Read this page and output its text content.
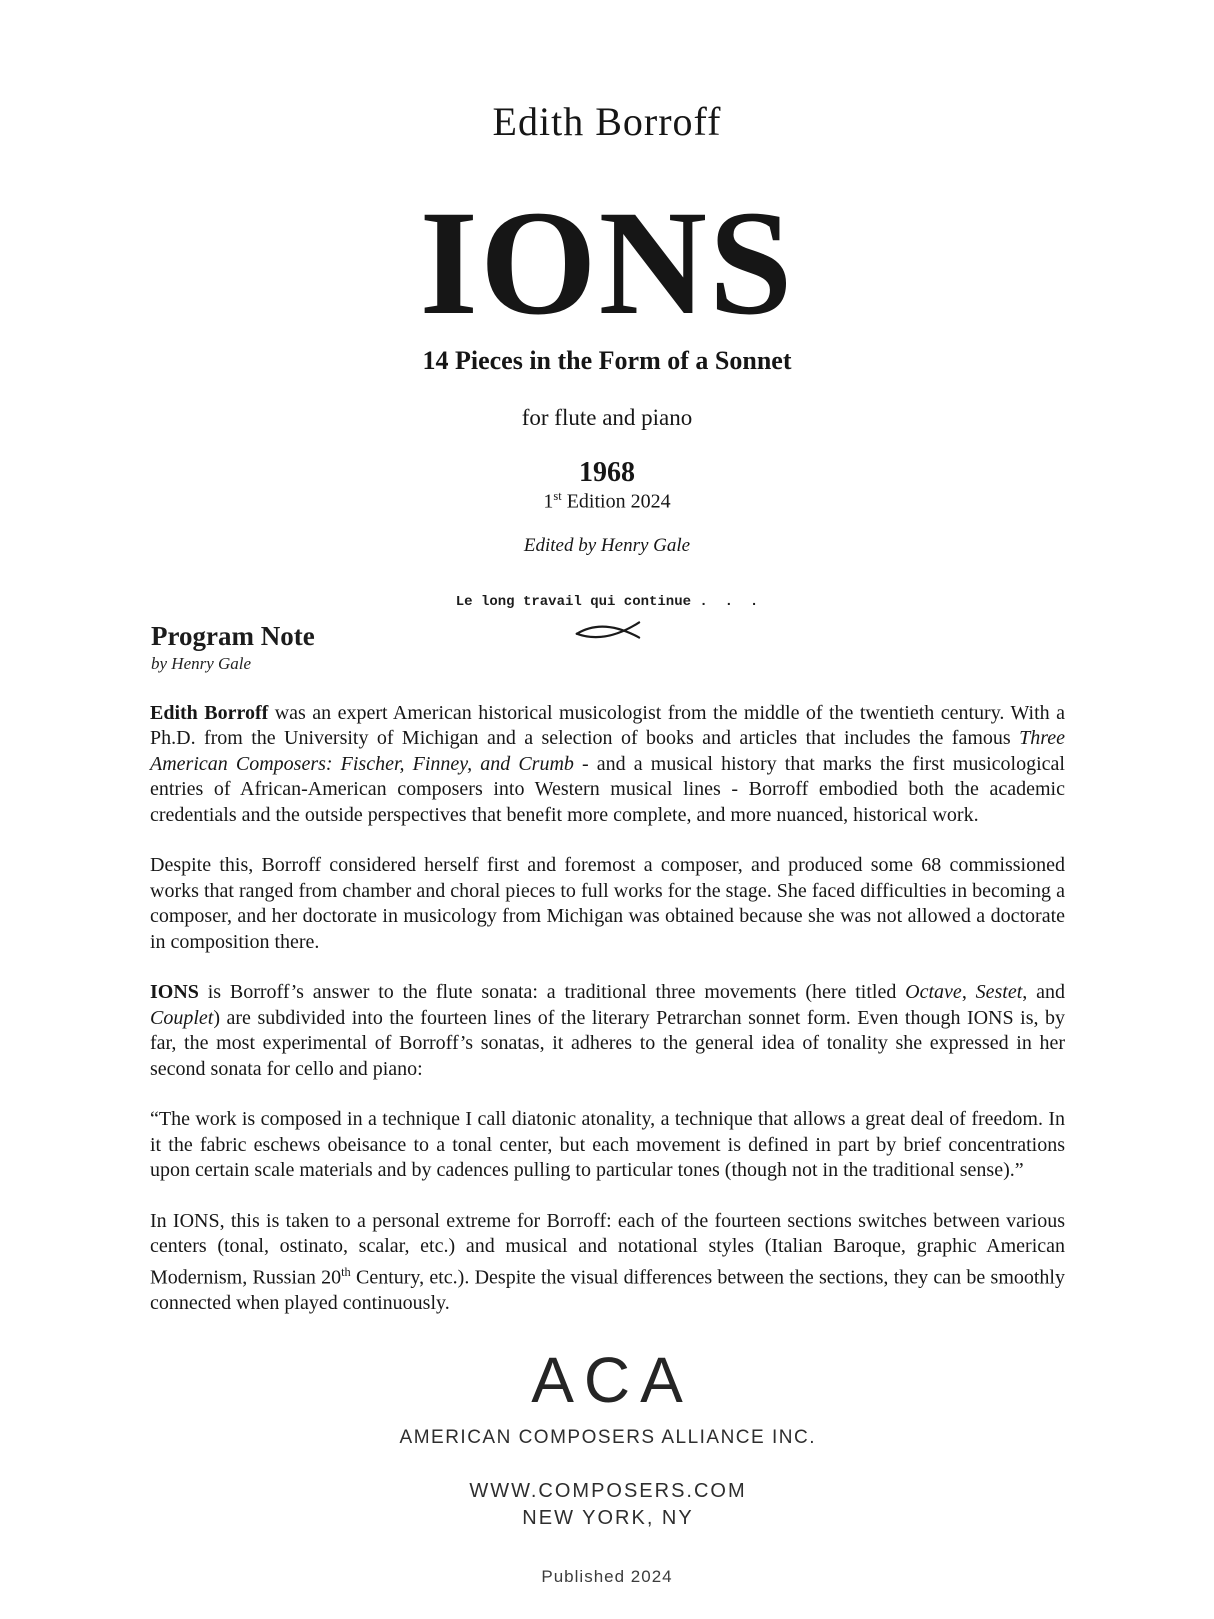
Edith Borroff
IONS
14 Pieces in the Form of a Sonnet
for flute and piano
1968
1st Edition 2024
Edited by Henry Gale
Le long travail qui continue .  .  .
Program Note
by Henry Gale

Edith Borroff was an expert American historical musicologist from the middle of the twentieth century. With a Ph.D. from the University of Michigan and a selection of books and articles that includes the famous Three American Composers: Fischer, Finney, and Crumb - and a musical history that marks the first musicological entries of African-American composers into Western musical lines - Borroff embodied both the academic credentials and the outside perspectives that benefit more complete, and more nuanced, historical work.

Despite this, Borroff considered herself first and foremost a composer, and produced some 68 commissioned works that ranged from chamber and choral pieces to full works for the stage. She faced difficulties in becoming a composer, and her doctorate in musicology from Michigan was obtained because she was not allowed a doctorate in composition there.

IONS is Borroff’s answer to the flute sonata: a traditional three movements (here titled Octave, Sestet, and Couplet) are subdivided into the fourteen lines of the literary Petrarchan sonnet form. Even though IONS is, by far, the most experimental of Borroff’s sonatas, it adheres to the general idea of tonality she expressed in her second sonata for cello and piano:

“The work is composed in a technique I call diatonic atonality, a technique that allows a great deal of freedom. In it the fabric eschews obeisance to a tonal center, but each movement is defined in part by brief concentrations upon certain scale materials and by cadences pulling to particular tones (though not in the traditional sense).”

In IONS, this is taken to a personal extreme for Borroff: each of the fourteen sections switches between various centers (tonal, ostinato, scalar, etc.) and musical and notational styles (Italian Baroque, graphic American Modernism, Russian 20th Century, etc.). Despite the visual differences between the sections, they can be smoothly connected when played continuously.

ACA
AMERICAN COMPOSERS ALLIANCE INC.
WWW.COMPOSERS.COM
NEW YORK, NY
Published 2024
